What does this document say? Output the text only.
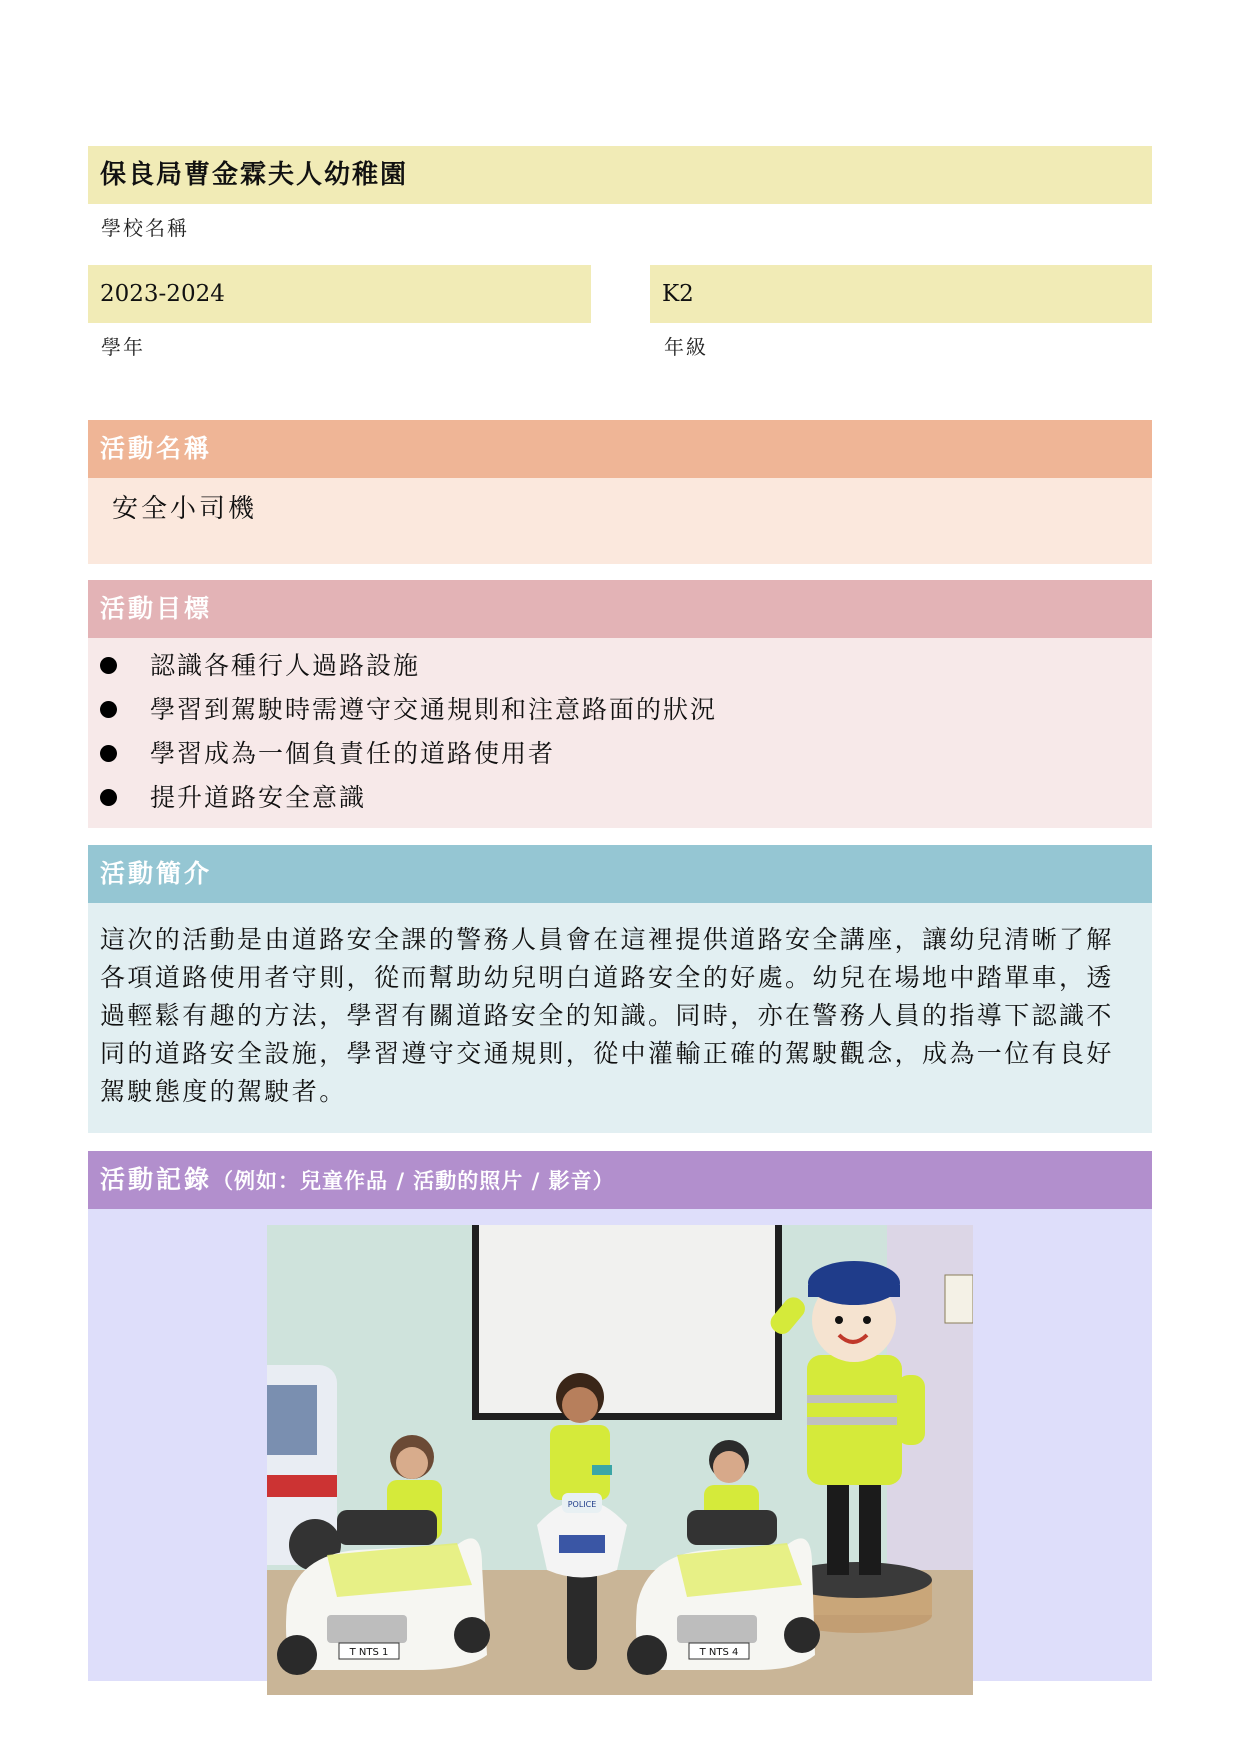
保良局曹金霖夫人幼稚園
學校名稱
2023-2024
學年
K2
年級
活動名稱
安全小司機
活動目標
認識各種行人過路設施
學習到駕駛時需遵守交通規則和注意路面的狀況
學習成為一個負責任的道路使用者
提升道路安全意識
活動簡介

這次的活動是由道路安全課的警務人員會在這裡提供道路安全講座，讓幼兒清晰了解各項道路使用者守則，從而幫助幼兒明白道路安全的好處。幼兒在場地中踏單車，透過輕鬆有趣的方法，學習有關道路安全的知識。同時，亦在警務人員的指導下認識不同的道路安全設施，學習遵守交通規則，從中灌輸正確的駕駛觀念，成為一位有良好駕駛態度的駕駛者。

活動記錄（例如：兒童作品 / 活動的照片 / 影音）
T NTS 1
POLICE
T NTS 4
